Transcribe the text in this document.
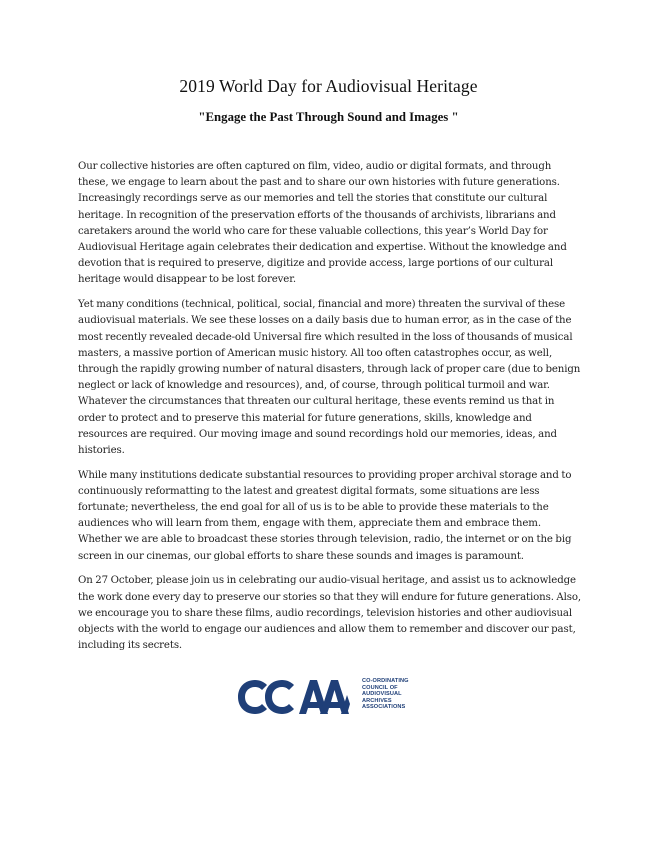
2019 World Day for Audiovisual Heritage
"Engage the Past Through Sound and Images "

Our collective histories are often captured on film, video, audio or digital formats, and through these, we engage to learn about the past and to share our own histories with future generations. Increasingly recordings serve as our memories and tell the stories that constitute our cultural heritage. In recognition of the preservation efforts of the thousands of archivists, librarians and caretakers around the world who care for these valuable collections, this year’s World Day for Audiovisual Heritage again celebrates their dedication and expertise. Without the knowledge and devotion that is required to preserve, digitize and provide access, large portions of our cultural heritage would disappear to be lost forever.

Yet many conditions (technical, political, social, financial and more) threaten the survival of these audiovisual materials. We see these losses on a daily basis due to human error, as in the case of the most recently revealed decade-old Universal fire which resulted in the loss of thousands of musical masters, a massive portion of American music history. All too often catastrophes occur, as well, through the rapidly growing number of natural disasters, through lack of proper care (due to benign neglect or lack of knowledge and resources), and, of course, through political turmoil and war. Whatever the circumstances that threaten our cultural heritage, these events remind us that in order to protect and to preserve this material for future generations, skills, knowledge and resources are required. Our moving image and sound recordings hold our memories, ideas, and histories.

While many institutions dedicate substantial resources to providing proper archival storage and to continuously reformatting to the latest and greatest digital formats, some situations are less fortunate; nevertheless, the end goal for all of us is to be able to provide these materials to the audiences who will learn from them, engage with them, appreciate them and embrace them. Whether we are able to broadcast these stories through television, radio, the internet or on the big screen in our cinemas, our global efforts to share these sounds and images is paramount.

On 27 October, please join us in celebrating our audio-visual heritage, and assist us to acknowledge the work done every day to preserve our stories so that they will endure for future generations. Also, we encourage you to share these films, audio recordings, television histories and other audiovisual objects with the world to engage our audiences and allow them to remember and discover our past, including its secrets.

CO-ORDINATING
COUNCIL OF
AUDIOVISUAL
ARCHIVES
ASSOCIATIONS
